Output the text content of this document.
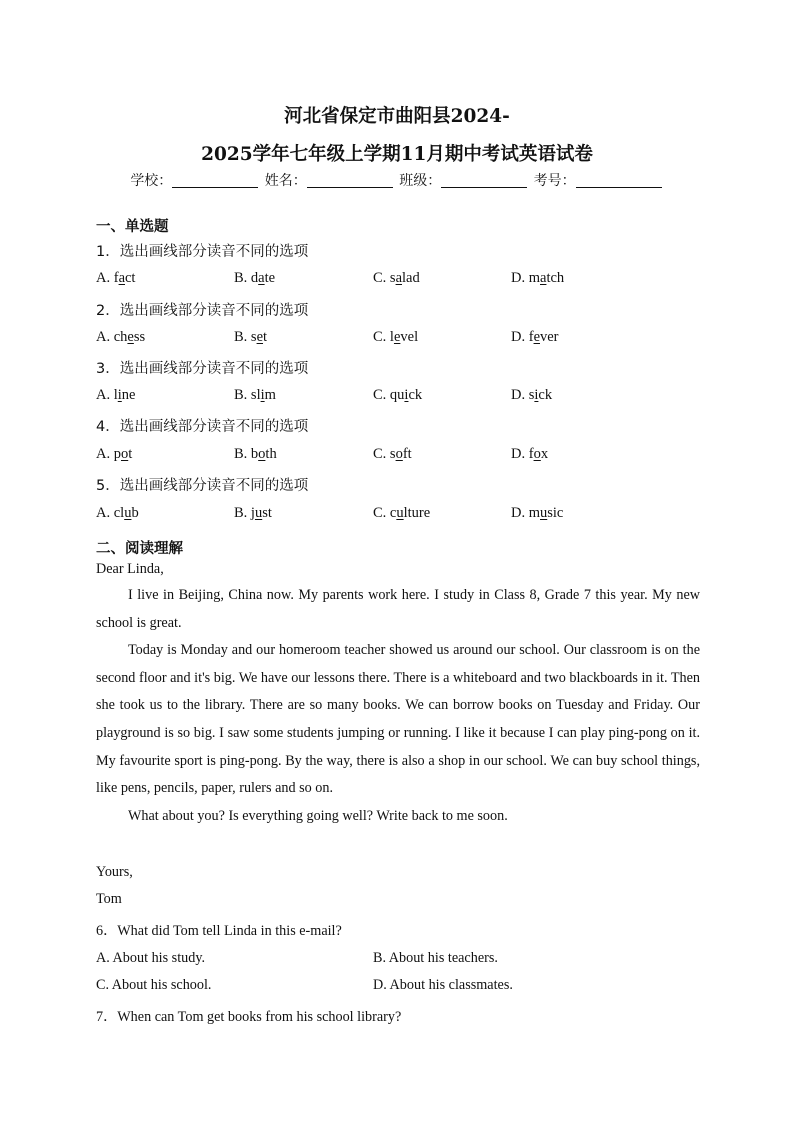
河北省保定市曲阳县2024-
2025学年七年级上学期11月期中考试英语试卷
学校：	姓名：	班级：	考号：
一、单选题
1．选出画线部分读音不同的选项
A. fact	B. date	C. salad	D. match
2．选出画线部分读音不同的选项
A. chess	B. set	C. level	D. fever
3．选出画线部分读音不同的选项
A. line	B. slim	C. quick	D. sick
4．选出画线部分读音不同的选项
A. pot	B. both	C. soft	D. fox
5．选出画线部分读音不同的选项
A. club	B. just	C. culture	D. music
二、阅读理解
Dear Linda,

I live in Beijing, China now. My parents work here. I study in Class 8, Grade 7 this year. My new school is great.

Today is Monday and our homeroom teacher showed us around our school. Our classroom is on the second floor and it's big. We have our lessons there. There is a whiteboard and two blackboards in it. Then she took us to the library. There are so many books. We can borrow books on Tuesday and Friday. Our playground is so big. I saw some students jumping or running. I like it because I can play ping-pong on it. My favourite sport is ping-pong. By the way, there is also a shop in our school. We can buy school things, like pens, pencils, paper, rulers and so on.

What about you? Is everything going well? Write back to me soon.

Yours,
Tom
6．What did Tom tell Linda in this e-mail?
A. About his study.	B. About his teachers.
C. About his school.	D. About his classmates.
7．When can Tom get books from his school library?
